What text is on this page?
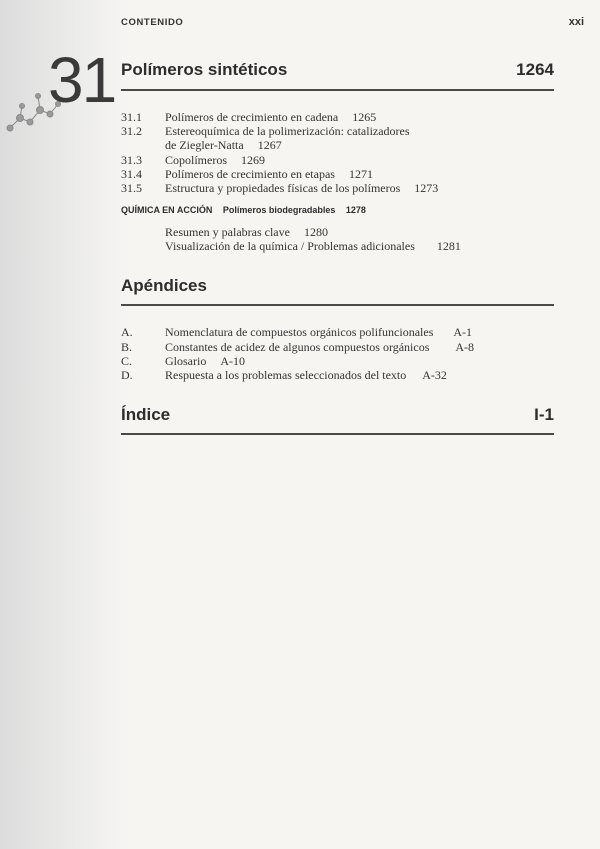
CONTENIDO	xxi
31 Polímeros sintéticos	1264
31.1 Polímeros de crecimiento en cadena 1265
31.2 Estereoquímica de la polimerización: catalizadores
de Ziegler-Natta 1267
31.3 Copolímeros 1269
31.4 Polímeros de crecimiento en etapas 1271
31.5 Estructura y propiedades físicas de los polímeros 1273
QUÍMICA EN ACCIÓN Polímeros biodegradables 1278
Resumen y palabras clave 1280
Visualización de la química / Problemas adicionales 1281
Apéndices
A.	Nomenclatura de compuestos orgánicos polifuncionales A-1
B.	Constantes de acidez de algunos compuestos orgánicos A-8
C.	Glosario A-10
D.	Respuesta a los problemas seleccionados del texto A-32
Índice	I-1
